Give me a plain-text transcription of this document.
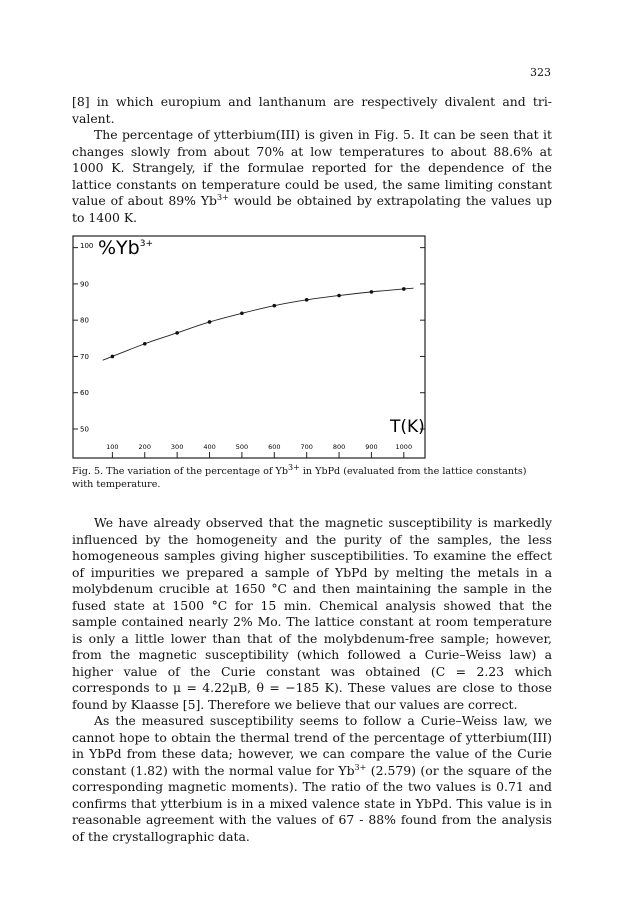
323

[8] in which europium and lanthanum are respectively divalent and tri-valent.

The percentage of ytterbium(III) is given in Fig. 5. It can be seen that it changes slowly from about 70% at low temperatures to about 88.6% at 1000 K. Strangely, if the formulae reported for the dependence of the lattice constants on temperature could be used, the same limiting constant value of about 89% $Yb^{3+}$ would be obtained by extrapolating the values up to 1400 K.

90
80
70
60
50
100	200	300	400	500	600	700	800	900	1000
100 $\%Yb^{3+}$
T(K)
Fig. 5. The variation of the percentage of $Yb^{3+}$ in YbPd (evaluated from the lattice constants) with temperature.

We have already observed that the magnetic susceptibility is markedly influenced by the homogeneity and the purity of the samples, the less homogeneous samples giving higher susceptibilities. To examine the effect of impurities we prepared a sample of YbPd by melting the metals in a molybdenum crucible at 1650 °C and then maintaining the sample in the fused state at 1500 °C for 15 min. Chemical analysis showed that the sample contained nearly 2% Mo. The lattice constant at room temperature is only a little lower than that of the molybdenum-free sample; however, from the magnetic susceptibility (which followed a Curie–Weiss law) a higher value of the Curie constant was obtained (C = 2.23 which corresponds to μ = 4.22μB, θ = −185 K). These values are close to those found by Klaasse [5]. Therefore we believe that our values are correct.

As the measured susceptibility seems to follow a Curie–Weiss law, we cannot hope to obtain the thermal trend of the percentage of ytterbium(III) in YbPd from these data; however, we can compare the value of the Curie constant (1.82) with the normal value for $Yb^{3+}$ (2.579) (or the square of the corresponding magnetic moments). The ratio of the two values is 0.71 and confirms that ytterbium is in a mixed valence state in YbPd. This value is in reasonable agreement with the values of 67 - 88% found from the analysis of the crystallographic data.
